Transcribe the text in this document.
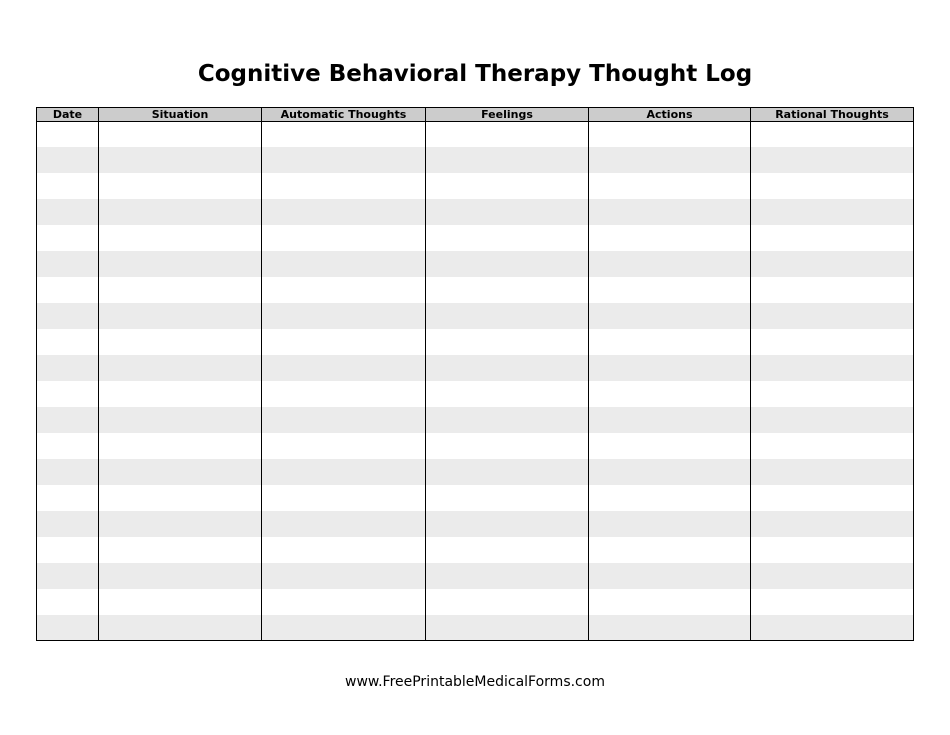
Cognitive Behavioral Therapy Thought Log
Date	Situation	Automatic Thoughts	Feelings	Actions	Rational Thoughts

www.FreePrintableMedicalForms.com
